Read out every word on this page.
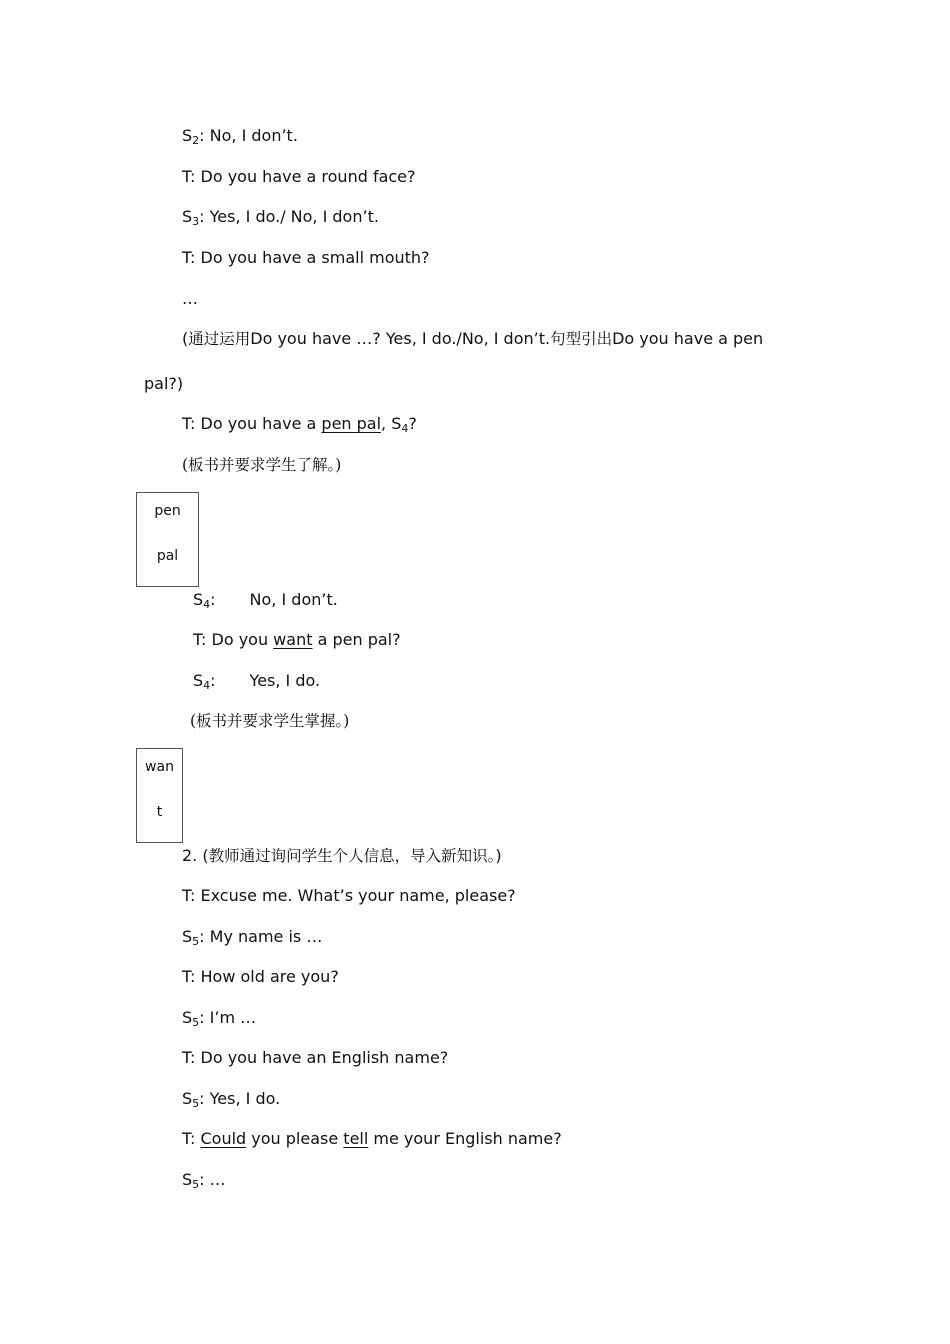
$S_2$: No, I don’t.
T: Do you have a round face?
$S_3$: Yes, I do./ No, I don’t.
T: Do you have a small mouth?
…
(通过运用Do you have …? Yes, I do./No, I don’t.句型引出Do you have a pen
pal?)
T: Do you have a pen pal, $S_4$?
(板书并要求学生了解。)
pen
pal
$S_4$: No, I don’t.
T: Do you want a pen pal?
$S_4$: Yes, I do.
(板书并要求学生掌握。)
wan
t
2. (教师通过询问学生个人信息，导入新知识。)
T: Excuse me. What’s your name, please?
$S_5$: My name is …
T: How old are you?
$S_5$: I’m …
T: Do you have an English name?
$S_5$: Yes, I do.
T: Could you please tell me your English name?
$S_5$: …
